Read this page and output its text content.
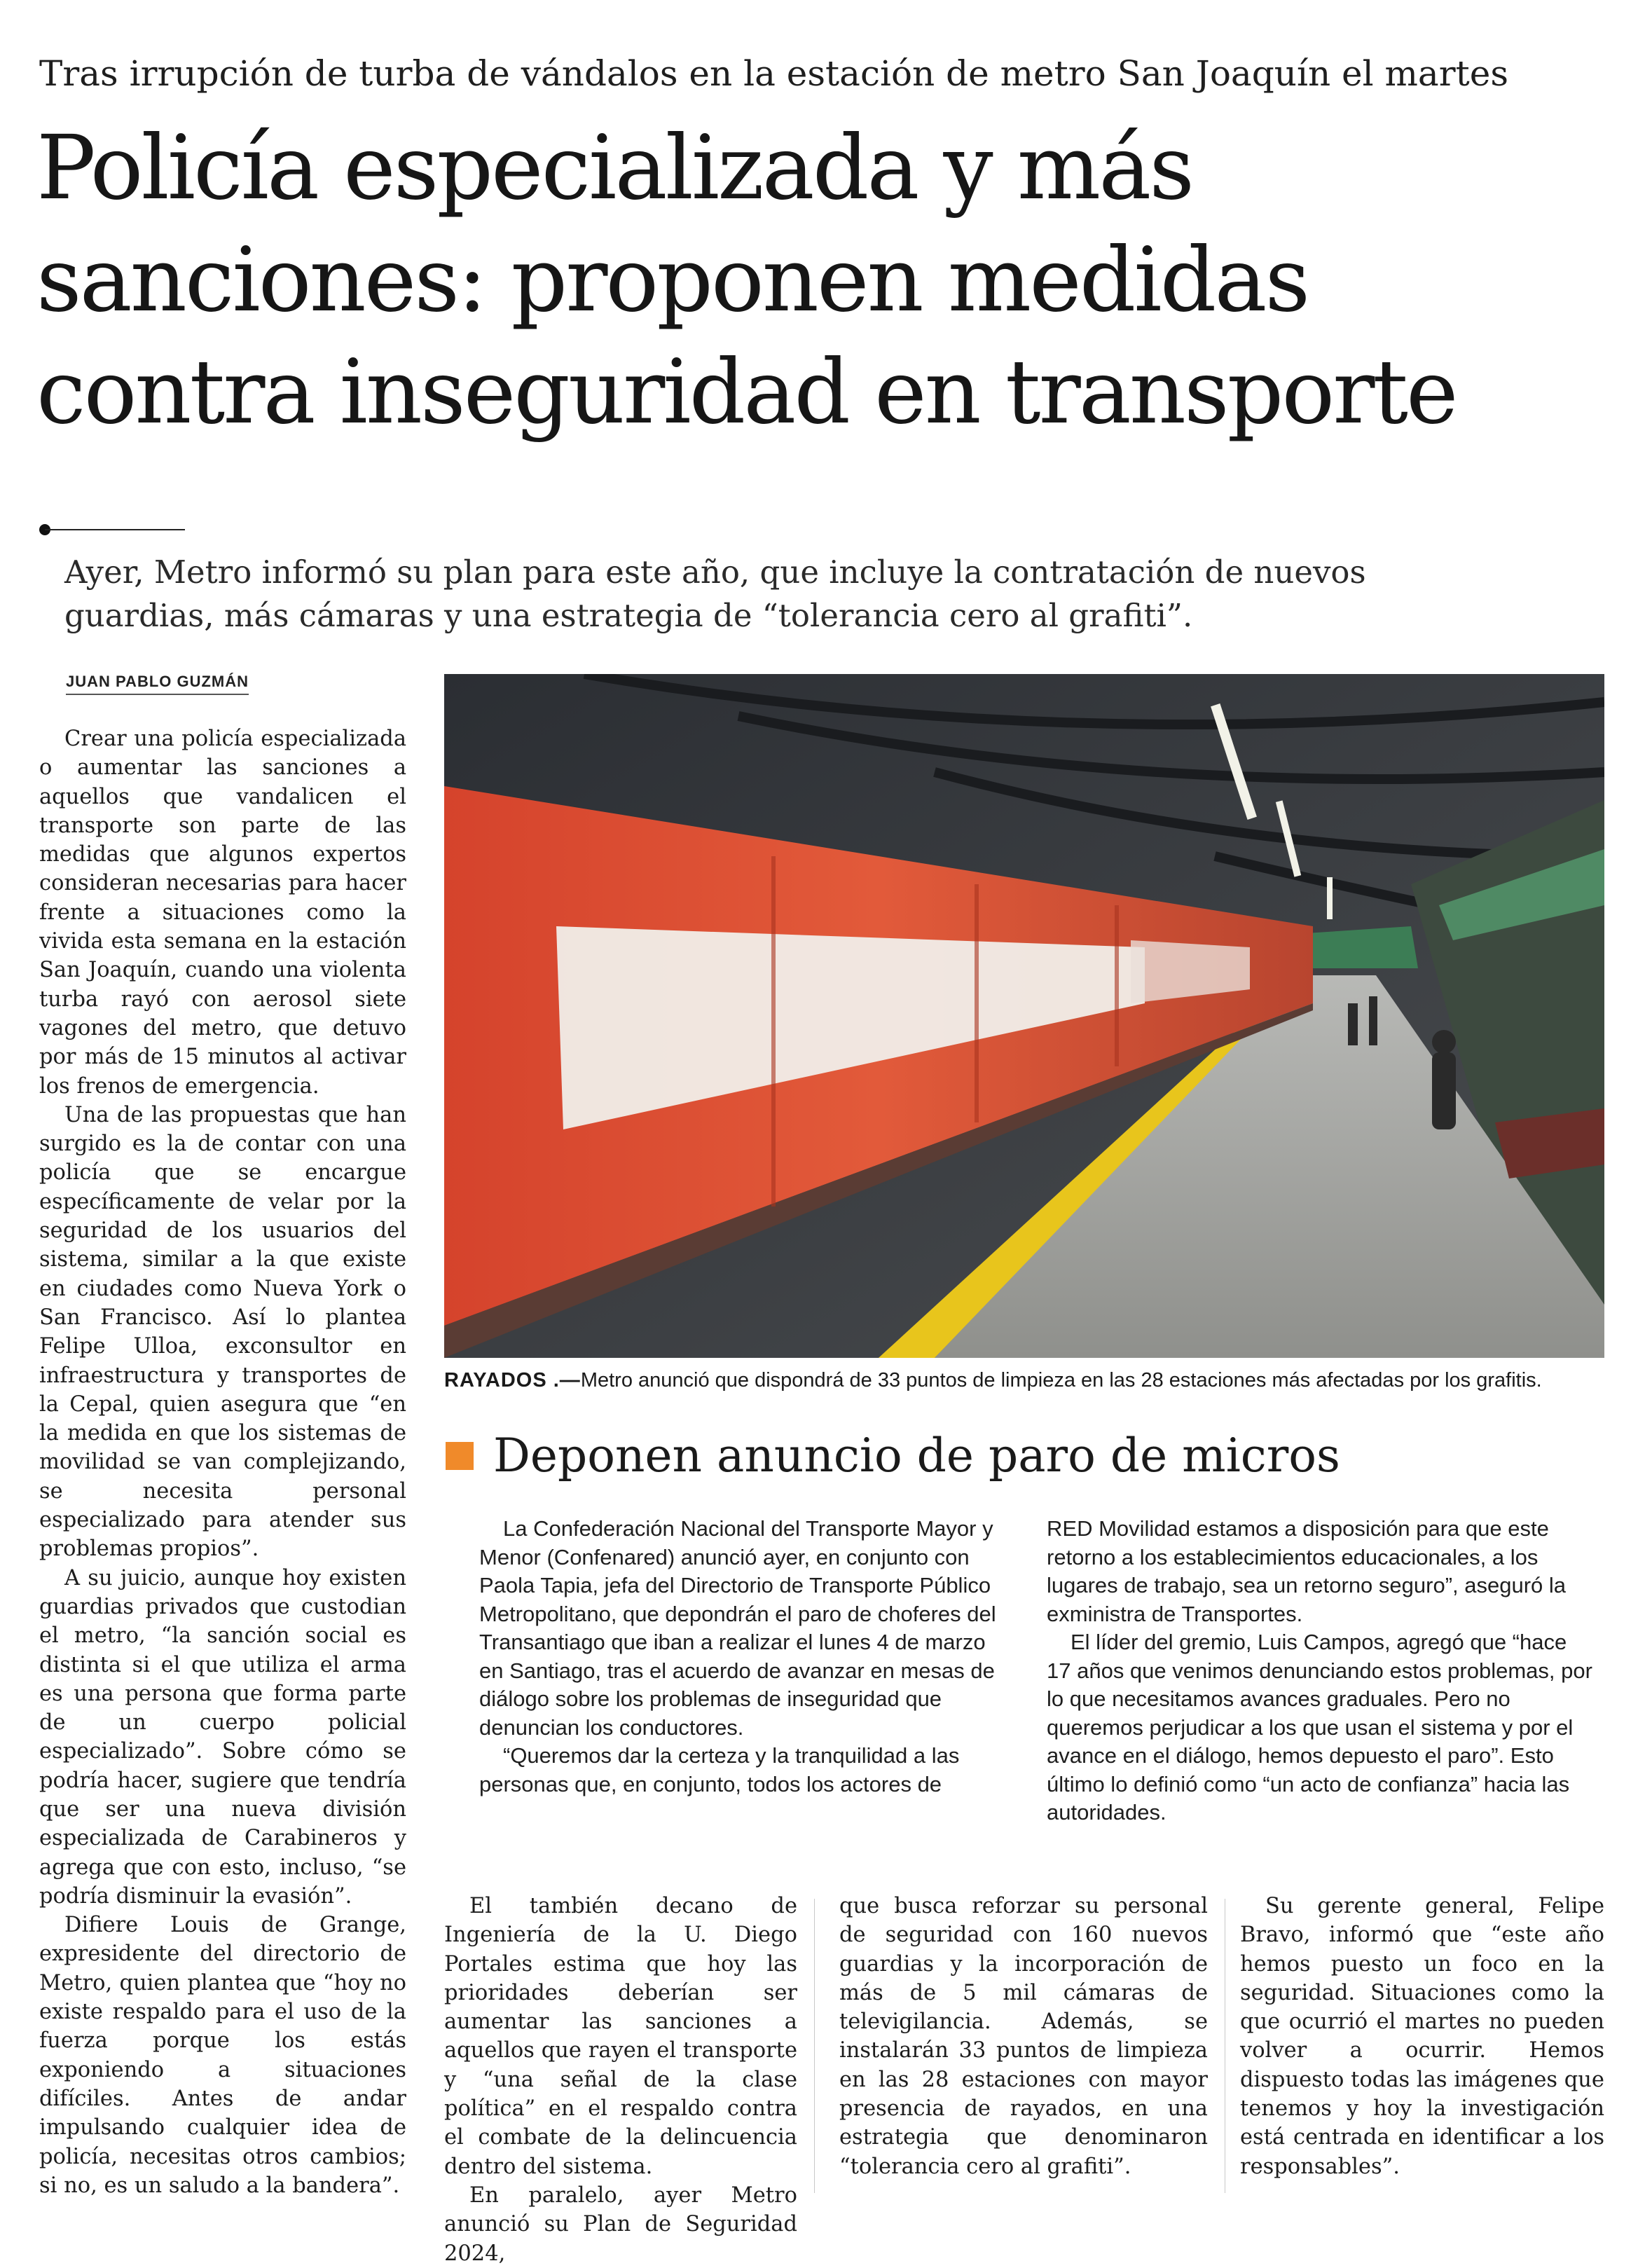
Tras irrupción de turba de vándalos en la estación de metro San Joaquín el martes
Policía especializada y más
sanciones: proponen medidas
contra inseguridad en transporte
Ayer, Metro informó su plan para este año, que incluye la contratación de nuevos
guardias, más cámaras y una estrategia de “tolerancia cero al grafiti”.
JUAN PABLO GUZMÁN

Crear una policía especializada o aumentar las sanciones a aquellos que vandalicen el transporte son parte de las medidas que algunos expertos consideran necesarias para hacer frente a situaciones como la vivida esta semana en la estación San Joaquín, cuando una violenta turba rayó con aerosol siete vagones del metro, que detuvo por más de 15 minutos al activar los frenos de emergencia.

Una de las propuestas que han surgido es la de contar con una policía que se encargue específicamente de velar por la seguridad de los usuarios del sistema, similar a la que existe en ciudades como Nueva York o San Francisco. Así lo plantea Felipe Ulloa, exconsultor en infraestructura y transportes de la Cepal, quien asegura que “en la medida en que los sistemas de movilidad se van complejizando, se necesita personal especializado para atender sus problemas propios”.

A su juicio, aunque hoy existen guardias privados que custodian el metro, “la sanción social es distinta si el que utiliza el arma es una persona que forma parte de un cuerpo policial especializado”. Sobre cómo se podría hacer, sugiere que tendría que ser una nueva división especializada de Carabineros y agrega que con esto, incluso, “se podría disminuir la evasión”.

Difiere Louis de Grange, expresidente del directorio de Metro, quien plantea que “hoy no existe respaldo para el uso de la fuerza porque los estás exponiendo a situaciones difíciles. Antes de andar impulsando cualquier idea de policía, necesitas otros cambios; si no, es un saludo a la bandera”.

RAYADOS .—Metro anunció que dispondrá de 33 puntos de limpieza en las 28 estaciones más afectadas por los grafitis.
Deponen anuncio de paro de micros

La Confederación Nacional del Transporte Mayor y Menor (Confenared) anunció ayer, en conjunto con Paola Tapia, jefa del Directorio de Transporte Público Metropolitano, que depondrán el paro de choferes del Transantiago que iban a realizar el lunes 4 de marzo en Santiago, tras el acuerdo de avanzar en mesas de diálogo sobre los problemas de inseguridad que denuncian los conductores.

“Queremos dar la certeza y la tranquilidad a las personas que, en conjunto, todos los actores de

RED Movilidad estamos a disposición para que este retorno a los establecimientos educacionales, a los lugares de trabajo, sea un retorno seguro”, aseguró la exministra de Transportes.

El líder del gremio, Luis Campos, agregó que “hace 17 años que venimos denunciando estos problemas, por lo que necesitamos avances graduales. Pero no queremos perjudicar a los que usan el sistema y por el avance en el diálogo, hemos depuesto el paro”. Esto último lo definió como “un acto de confianza” hacia las autoridades.

El también decano de Ingeniería de la U. Diego Portales estima que hoy las prioridades deberían ser aumentar las sanciones a aquellos que rayen el transporte y “una señal de la clase política” en el respaldo contra el combate de la delincuencia dentro del sistema.

En paralelo, ayer Metro anunció su Plan de Seguridad 2024,

que busca reforzar su personal de seguridad con 160 nuevos guardias y la incorporación de más de 5 mil cámaras de televigilancia. Además, se instalarán 33 puntos de limpieza en las 28 estaciones con mayor presencia de rayados, en una estrategia que denominaron “tolerancia cero al grafiti”.

Su gerente general, Felipe Bravo, informó que “este año hemos puesto un foco en la seguridad. Situaciones como la que ocurrió el martes no pueden volver a ocurrir. Hemos dispuesto todas las imágenes que tenemos y hoy la investigación está centrada en identificar a los responsables”.
